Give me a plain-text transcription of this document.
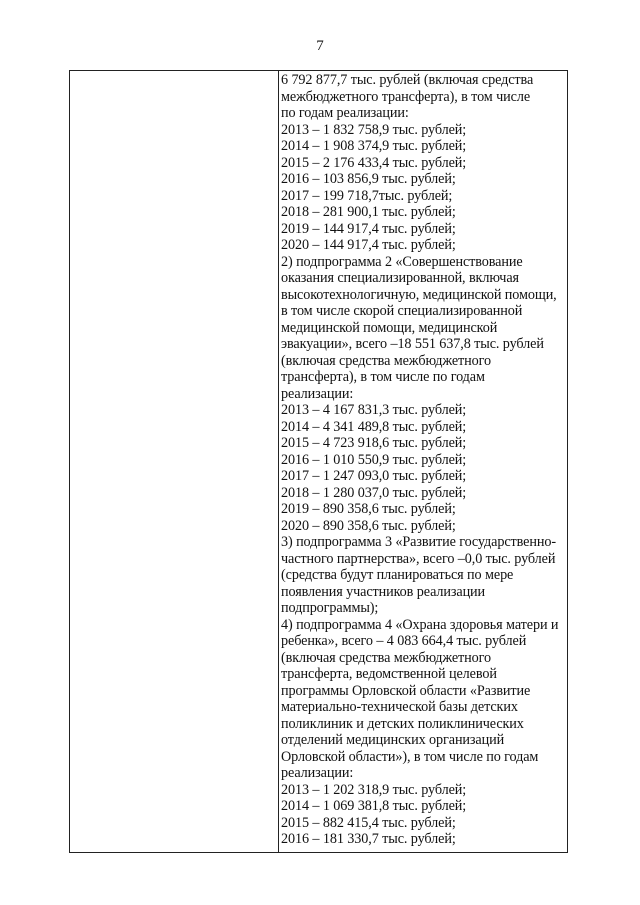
7
6 792 877,7 тыс. рублей (включая средства
межбюджетного трансферта), в том числе
по годам реализации:
2013 – 1 832 758,9 тыс. рублей;
2014 – 1 908 374,9 тыс. рублей;
2015 – 2 176 433,4 тыс. рублей;
2016 – 103 856,9 тыс. рублей;
2017 – 199 718,7тыс. рублей;
2018 – 281 900,1 тыс. рублей;
2019 – 144 917,4 тыс. рублей;
2020 – 144 917,4 тыс. рублей;
2) подпрограмма 2 «Совершенствование
оказания специализированной, включая
высокотехнологичную, медицинской помощи,
в том числе скорой специализированной
медицинской помощи, медицинской
эвакуации», всего –18 551 637,8 тыс. рублей
(включая средства межбюджетного
трансферта), в том числе по годам
реализации:
2013 – 4 167 831,3 тыс. рублей;
2014 – 4 341 489,8 тыс. рублей;
2015 – 4 723 918,6 тыс. рублей;
2016 – 1 010 550,9 тыс. рублей;
2017 – 1 247 093,0 тыс. рублей;
2018 – 1 280 037,0 тыс. рублей;
2019 – 890 358,6 тыс. рублей;
2020 – 890 358,6 тыс. рублей;
3) подпрограмма 3 «Развитие государственно-
частного партнерства», всего –0,0 тыс. рублей
(средства будут планироваться по мере
появления участников реализации
подпрограммы);
4) подпрограмма 4 «Охрана здоровья матери и
ребенка», всего – 4 083 664,4 тыс. рублей
(включая средства межбюджетного
трансферта, ведомственной целевой
программы Орловской области «Развитие
материально-технической базы детских
поликлиник и детских поликлинических
отделений медицинских организаций
Орловской области»), в том числе по годам
реализации:
2013 – 1 202 318,9 тыс. рублей;
2014 – 1 069 381,8 тыс. рублей;
2015 – 882 415,4 тыс. рублей;
2016 – 181 330,7 тыс. рублей;
